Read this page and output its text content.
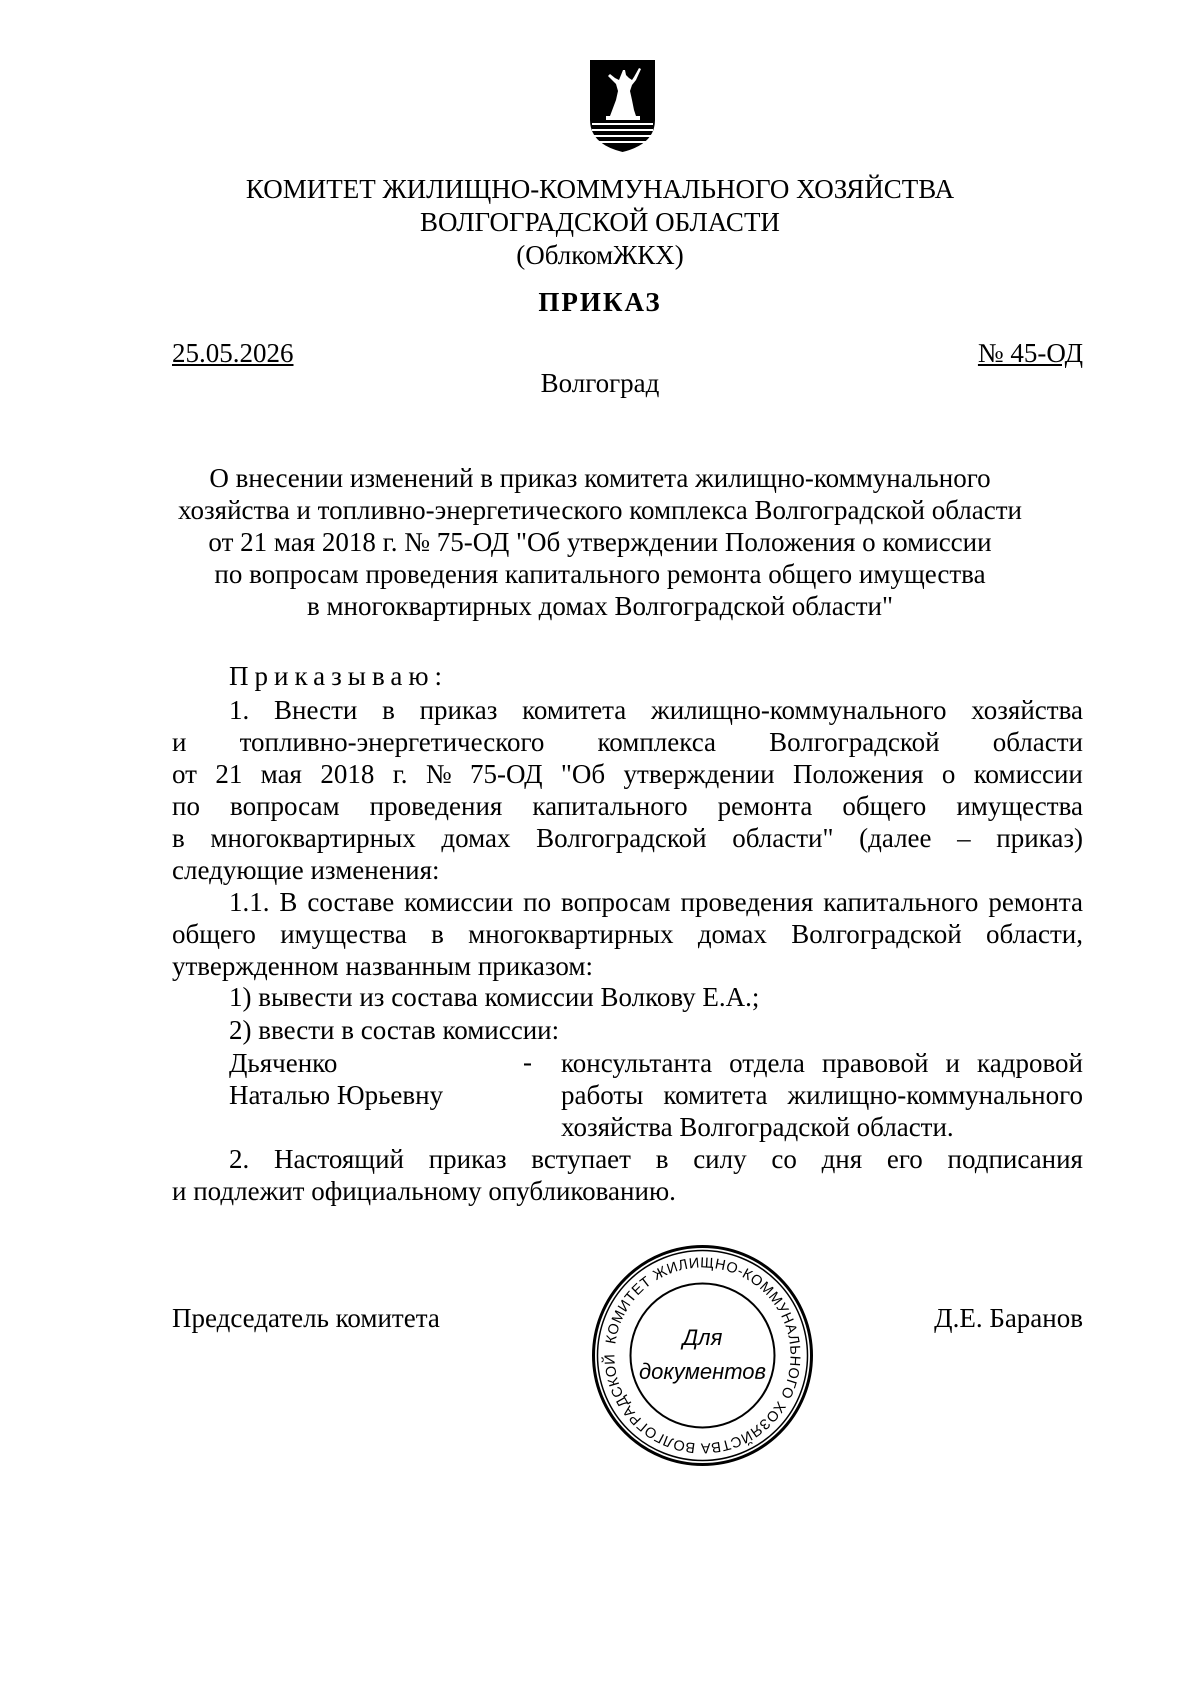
КОМИТЕТ ЖИЛИЩНО-КОММУНАЛЬНОГО ХОЗЯЙСТВА
ВОЛГОГРАДСКОЙ ОБЛАСТИ
(ОблкомЖКХ)
ПРИКАЗ
25.05.2026	№ 45-ОД
Волгоград
О внесении изменений в приказ комитета жилищно-коммунального
хозяйства и топливно-энергетического комплекса Волгоградской области
от 21 мая 2018 г. № 75-ОД "Об утверждении Положения о комиссии
по вопросам проведения капитального ремонта общего имущества
в многоквартирных домах Волгоградской области"
Приказываю:
1. Внести в приказ комитета жилищно-коммунального хозяйства
и топливно-энергетического комплекса Волгоградской области
от 21 мая 2018 г. № 75-ОД "Об утверждении Положения о комиссии
по вопросам проведения капитального ремонта общего имущества
в многоквартирных домах Волгоградской области" (далее – приказ)
следующие изменения:
1.1. В составе комиссии по вопросам проведения капитального ремонта
общего имущества в многоквартирных домах Волгоградской области,
утвержденном названным приказом:
1) вывести из состава комиссии Волкову Е.А.;
2) ввести в состав комиссии:
Дьяченко
Наталью Юрьевну
- консультанта отдела правовой и кадровой
работы комитета жилищно-коммунального
хозяйства Волгоградской области.
2. Настоящий приказ вступает в силу со дня его подписания
и подлежит официальному опубликованию.
Председатель комитета	Д.Е. Баранов
КОМИТЕТ ЖИЛИЩНО-КОММУНАЛЬНОГО ХОЗЯЙСТВА ВОЛГОГРАДСКОЙ
Для
документов
